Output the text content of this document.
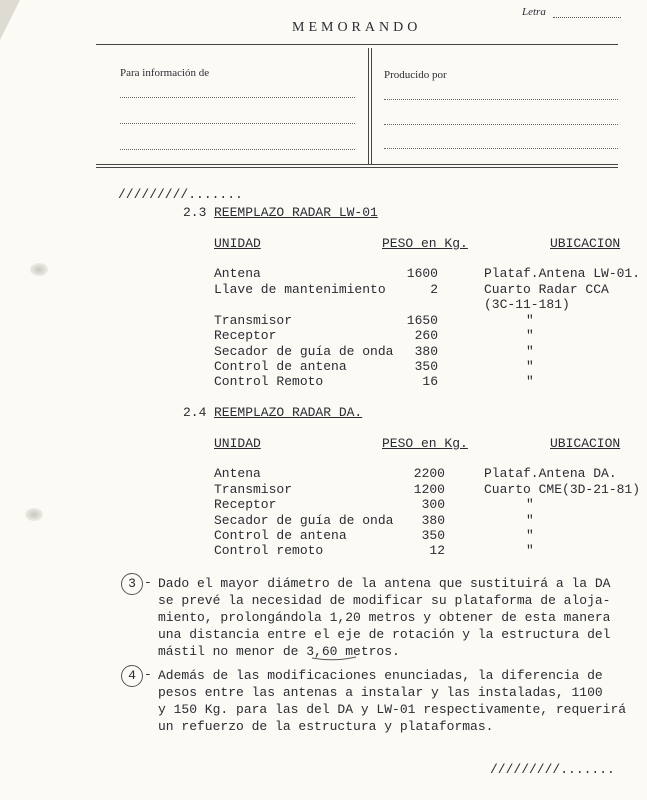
Letra
MEMORANDO
Para información de	Producido por
/////////.......
2.3 REEMPLAZO RADAR LW-01
UNIDAD	PESO en Kg.	UBICACION
Antena	1600	Plataf.Antena LW-01.
Llave de mantenimiento	2	Cuarto Radar CCA
(3C-11-181)
Transmisor	1650	"
Receptor	260	"
Secador de guía de onda	380	"
Control de antena	350	"
Control Remoto	16	"
2.4 REEMPLAZO RADAR DA.
UNIDAD	PESO en Kg.	UBICACION
Antena	2200	Plataf.Antena DA.
Transmisor	1200	Cuarto CME(3D-21-81)
Receptor	300	"
Secador de guía de onda	380	"
Control de antena	350	"
Control remoto	12	"
3 - Dado el mayor diámetro de la antena que sustituirá a la DA
se prevé la necesidad de modificar su plataforma de aloja-
miento, prolongándola 1,20 metros y obtener de esta manera
una distancia entre el eje de rotación y la estructura del
mástil no menor de 3,60 metros.
4 - Además de las modificaciones enunciadas, la diferencia de
pesos entre las antenas a instalar y las instaladas, 1100
y 150 Kg. para las del DA y LW-01 respectivamente, requerirá
un refuerzo de la estructura y plataformas.
/////////.......
